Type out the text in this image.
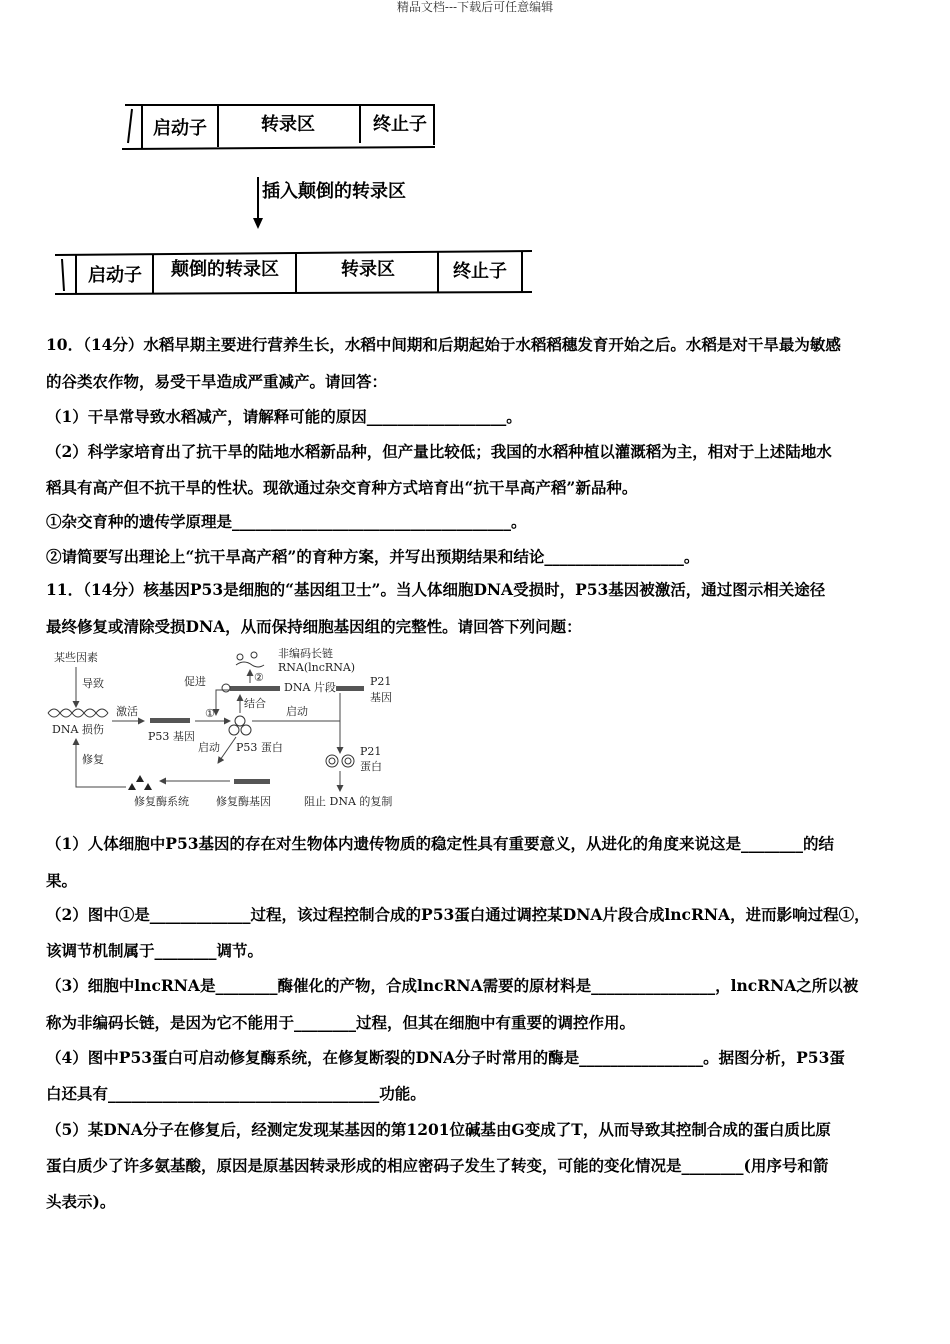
精品文档---下载后可任意编辑
启动子	转录区	终止子
插入颠倒的转录区
启动子 颠倒的转录区	转录区	终止子
10．（14分）水稻早期主要进行营养生长，水稻中间期和后期起始于水稻稻穗发育开始之后。水稻是对干旱最为敏感
的谷类农作物，易受干旱造成严重减产。请回答：
（1）干旱常导致水稻减产，请解释可能的原因__________________。
（2）科学家培育出了抗干旱的陆地水稻新品种，但产量比较低；我国的水稻种植以灌溉稻为主，相对于上述陆地水
稻具有高产但不抗干旱的性状。现欲通过杂交育种方式培育出“抗干旱高产稻”新品种。
①杂交育种的遗传学原理是____________________________________。
②请简要写出理论上“抗干旱高产稻”的育种方案，并写出预期结果和结论__________________。
11．（14分）核基因P53是细胞的“基因组卫士”。当人体细胞DNA受损时，P53基因被激活，通过图示相关途径
最终修复或清除受损DNA，从而保持细胞基因组的完整性。请回答下列问题：
某些因素
导致
DNA 损伤
激活
P53 基因
①
P53 蛋白
促进
非编码长链
RNA(lncRNA)
②
DNA 片段
结合
P21
基因
启动
P21
蛋白
阻止 DNA 的复制
启动
修复酶基因
修复酶系统
修复
（1）人体细胞中P53基因的存在对生物体内遗传物质的稳定性具有重要意义，从进化的角度来说这是________的结
果。
（2）图中①是_____________过程，该过程控制合成的P53蛋白通过调控某DNA片段合成lncRNA，进而影响过程①，
该调节机制属于________调节。
（3）细胞中lncRNA是________酶催化的产物，合成lncRNA需要的原材料是________________，lncRNA之所以被
称为非编码长链，是因为它不能用于________过程，但其在细胞中有重要的调控作用。
（4）图中P53蛋白可启动修复酶系统，在修复断裂的DNA分子时常用的酶是________________。据图分析，P53蛋
白还具有___________________________________功能。
（5）某DNA分子在修复后，经测定发现某基因的第1201位碱基由G变成了T，从而导致其控制合成的蛋白质比原
蛋白质少了许多氨基酸，原因是原基因转录形成的相应密码子发生了转变，可能的变化情况是________(用序号和箭
头表示)。
